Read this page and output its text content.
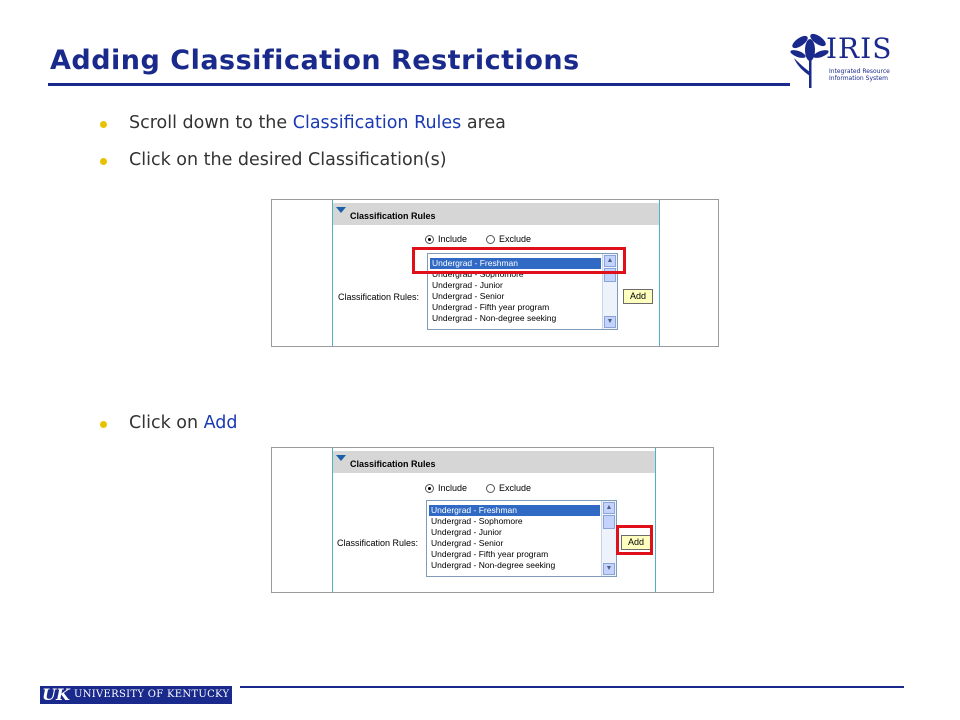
Adding Classification Restrictions	IRIS
Integrated Resource
Information System
Scroll down to the Classification Rules area
Click on the desired Classification(s)
Classification Rules
Include	Exclude
Classification Rules:
Undergrad - Freshman
Undergrad - Sophomore
Undergrad - Junior
Undergrad - Senior
Undergrad - Fifth year program
Undergrad - Non-degree seeking
▲
▼
Add
Click on Add
Classification Rules
Include	Exclude
Classification Rules:
Undergrad - Freshman
Undergrad - Sophomore
Undergrad - Junior
Undergrad - Senior
Undergrad - Fifth year program
Undergrad - Non-degree seeking
▲
▼
Add
UK UNIVERSITY OF KENTUCKY
